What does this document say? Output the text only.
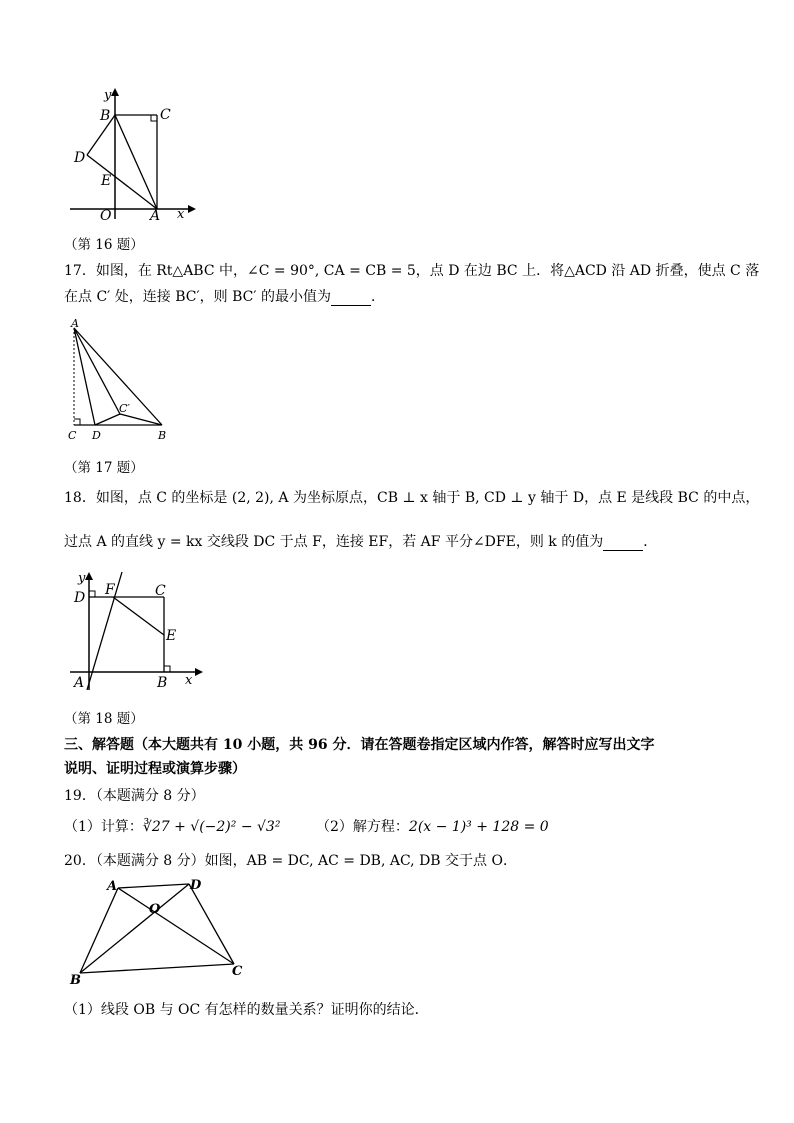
y
B	C
D
E
O	A x
（第 16 题）
17．如图，在 Rt△ABC 中，∠C = 90°, CA = CB = 5，点 D 在边 BC 上．将△ACD 沿 AD 折叠，使点 C 落
在点 C′ 处，连接 BC′，则 BC′ 的最小值为	．
A
C D	B
C′
（第 17 题）
18．如图，点 C 的坐标是 (2, 2), A 为坐标原点，CB ⊥ x 轴于 B, CD ⊥ y 轴于 D，点 E 是线段 BC 的中点，
过点 A 的直线 y = kx 交线段 DC 于点 F，连接 EF，若 AF 平分∠DFE，则 k 的值为	．
y
D F	C
E
A	B x
（第 18 题）
三、解答题（本大题共有 10 小题，共 96 分．请在答题卷指定区域内作答，解答时应写出文字
说明、证明过程或演算步骤）
19．（本题满分 8 分）
（1）计算：∛27 + √(−2)² − √3²	（2）解方程：2(x − 1)³ + 128 = 0
20．（本题满分 8 分）如图，AB = DC, AC = DB, AC, DB 交于点 O．
A	D
O
B
C
（1）线段 OB 与 OC 有怎样的数量关系？证明你的结论．
